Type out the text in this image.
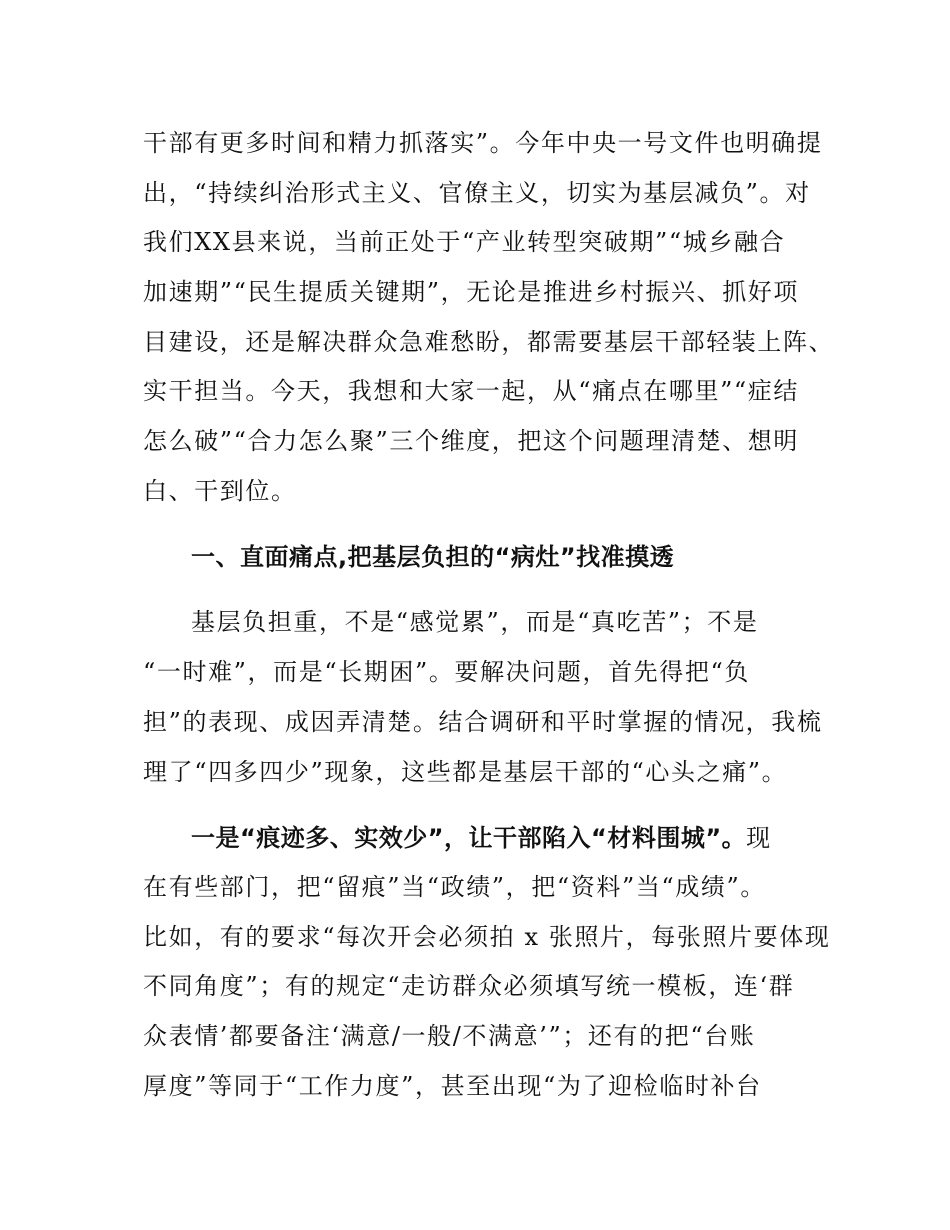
干部有更多时间和精力抓落实”。今年中央一号文件也明确提
出，“持续纠治形式主义、官僚主义，切实为基层减负”。对
我们XX县来说，当前正处于“产业转型突破期”“城乡融合
加速期”“民生提质关键期”，无论是推进乡村振兴、抓好项
目建设，还是解决群众急难愁盼，都需要基层干部轻装上阵、
实干担当。今天，我想和大家一起，从“痛点在哪里”“症结
怎么破”“合力怎么聚”三个维度，把这个问题理清楚、想明
白、干到位。
一、直面痛点,把基层负担的“病灶”找准摸透
基层负担重，不是“感觉累”，而是“真吃苦”；不是
“一时难”，而是“长期困”。要解决问题，首先得把“负
担”的表现、成因弄清楚。结合调研和平时掌握的情况，我梳
理了“四多四少”现象，这些都是基层干部的“心头之痛”。
一是“痕迹多、实效少”，让干部陷入“材料围城”。现
在有些部门，把“留痕”当“政绩”，把“资料”当“成绩”。
比如，有的要求“每次开会必须拍 x 张照片，每张照片要体现
不同角度”；有的规定“走访群众必须填写统一模板，连‘群
众表情’都要备注‘满意/一般/不满意’”；还有的把“台账
厚度”等同于“工作力度”，甚至出现“为了迎检临时补台
